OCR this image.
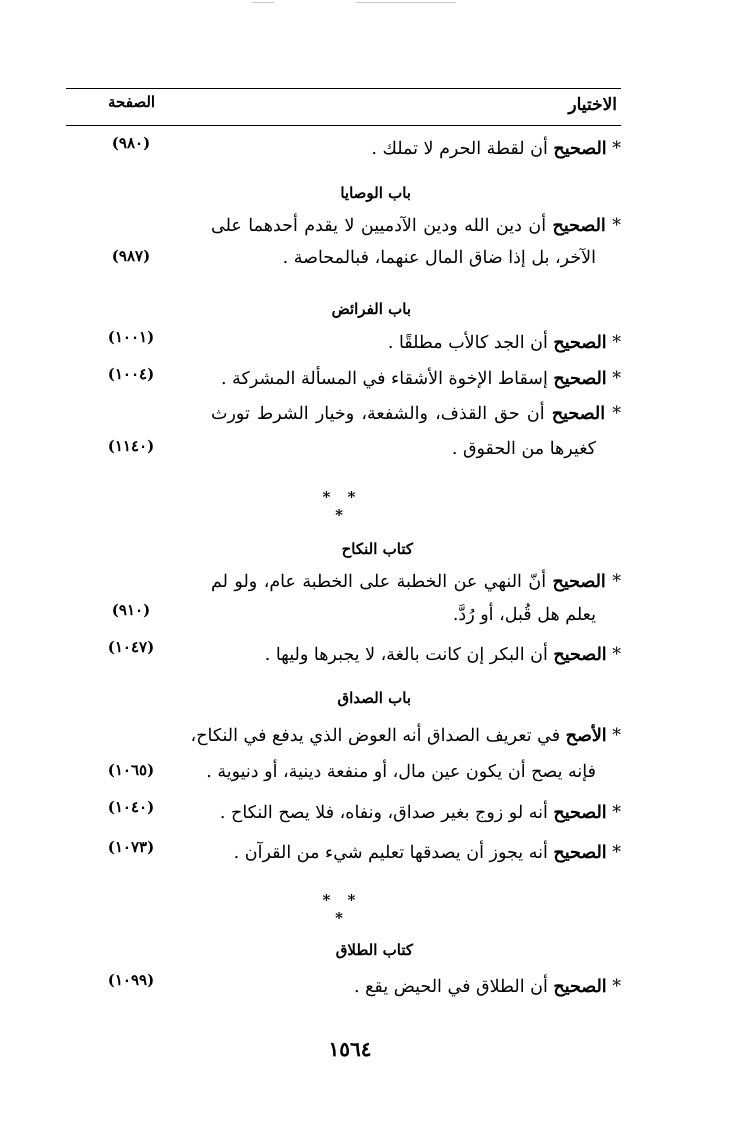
الاختيار
الصفحة
* الصحيح أن لقطة الحرم لا تملك .
(٩٨٠)
باب الوصايا
* الصحيح أن دين الله ودين الآدميين لا يقدم أحدهما على
الآخر، بل إذا ضاق المال عنهما، فبالمحاصة .
(٩٨٧)
باب الفرائض
* الصحيح أن الجد كالأب مطلقًا .
(١٠٠١)
* الصحيح إسقاط الإخوة الأشقاء في المسألة المشركة .
(١٠٠٤)
* الصحيح أن حق القذف، والشفعة، وخيار الشرط تورث
كغيرها من الحقوق .
(١١٤٠)
* * *
كتاب النكاح
* الصحيح أنّ النهي عن الخطبة على الخطبة عام، ولو لم
يعلم هل قُبل، أو رُدَّ.
(٩١٠)
* الصحيح أن البكر إن كانت بالغة، لا يجبرها وليها .
(١٠٤٧)
باب الصداق
* الأصح في تعريف الصداق أنه العوض الذي يدفع في النكاح،
فإنه يصح أن يكون عين مال، أو منفعة دينية، أو دنيوية .
(١٠٦٥)
* الصحيح أنه لو زوج بغير صداق، ونفاه، فلا يصح النكاح .
(١٠٤٠)
* الصحيح أنه يجوز أن يصدقها تعليم شيء من القرآن .
(١٠٧٣)
* * *
كتاب الطلاق
* الصحيح أن الطلاق في الحيض يقع .
(١٠٩٩)
١٥٦٤
